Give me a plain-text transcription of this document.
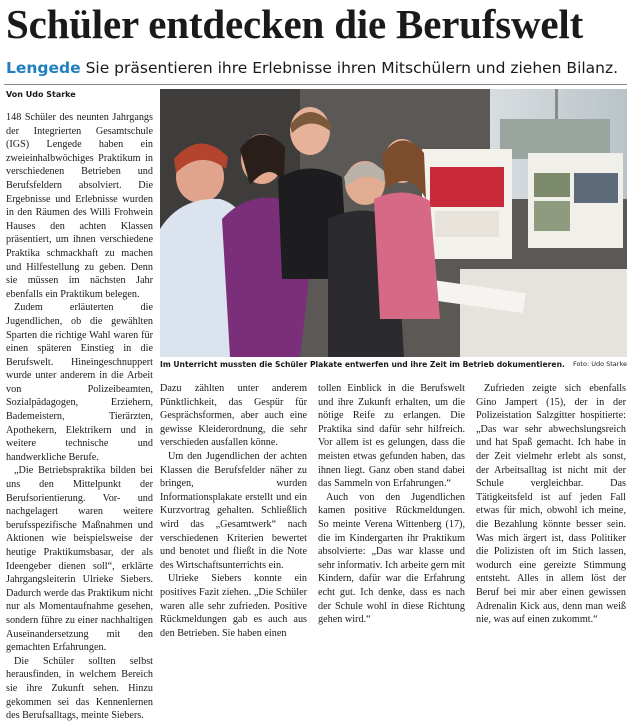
Schüler entdecken die Berufswelt
Lengede Sie präsentieren ihre Erlebnisse ihren Mitschülern und ziehen Bilanz.
Von Udo Starke

148 Schüler des neunten Jahrgangs der Integrierten Gesamtschule (IGS) Lengede haben ein zweieinhalbwöchiges Praktikum in verschiedenen Betrieben und Berufsfeldern absolviert. Die Ergebnisse und Erlebnisse wurden in den Räumen des Willi Frohwein Hauses den achten Klassen präsentiert, um ihnen verschiedene Praktika schmackhaft zu machen und Hilfestellung zu geben. Denn sie müssen im nächsten Jahr ebenfalls ein Praktikum belegen.

Zudem erläuterten die Jugendlichen, ob die gewählten Sparten die richtige Wahl waren für einen späteren Einstieg in die Berufswelt. Hineingeschnuppert wurde unter anderem in die Arbeit von Polizeibeamten, Sozialpädagogen, Erziehern, Bademeistern, Tierärzten, Apothekern, Elektrikern und in weitere technische und handwerkliche Berufe.

„Die Betriebspraktika bilden bei uns den Mittelpunkt der Berufsorientierung. Vor- und nachgelagert waren weitere berufsspezifische Maßnahmen und Aktionen wie beispielsweise der heutige Praktikumsbasar, der als Ideengeber dienen soll“, erklärte Jahrgangsleiterin Ulrieke Siebers. Dadurch werde das Praktikum nicht nur als Momentaufnahme gesehen, sondern führe zu einer nachhaltigen Auseinandersetzung mit den gemachten Erfahrungen.

Die Schüler sollten selbst herausfinden, in welchem Bereich sie ihre Zukunft sehen. Hinzu gekommen sei das Kennenlernen des Berufsalltags, meinte Siebers.

Im Unterricht mussten die Schüler Plakate entwerfen und ihre Zeit im Betrieb dokumentieren.	Foto: Udo Starke

Dazu zählten unter anderem Pünktlichkeit, das Gespür für Gesprächsformen, aber auch eine gewisse Kleiderordnung, die sehr verschieden ausfallen könne.

Um den Jugendlichen der achten Klassen die Berufsfelder näher zu bringen, wurden Informationsplakate erstellt und ein Kurzvortrag gehalten. Schließlich wird das „Gesamtwerk“ nach verschiedenen Kriterien bewertet und benotet und fließt in die Note des Wirtschaftsunterrichts ein.

Ulrieke Siebers konnte ein positives Fazit ziehen. „Die Schüler waren alle sehr zufrieden. Positive Rückmeldungen gab es auch aus den Betrieben. Sie haben einen

tollen Einblick in die Berufswelt und ihre Zukunft erhalten, um die nötige Reife zu erlangen. Die Praktika sind dafür sehr hilfreich. Vor allem ist es gelungen, dass die meisten etwas gefunden haben, das ihnen liegt. Ganz oben stand dabei das Sammeln von Erfahrungen.“

Auch von den Jugendlichen kamen positive Rückmeldungen. So meinte Verena Wittenberg (17), die im Kindergarten ihr Praktikum absolvierte: „Das war klasse und sehr informativ. Ich arbeite gern mit Kindern, dafür war die Erfahrung echt gut. Ich denke, dass es nach der Schule wohl in diese Richtung gehen wird.“

Zufrieden zeigte sich ebenfalls Gino Jampert (15), der in der Polizeistation Salzgitter hospitierte: „Das war sehr abwechslungsreich und hat Spaß gemacht. Ich habe in der Zeit vielmehr erlebt als sonst, der Arbeitsalltag ist nicht mit der Schule vergleichbar. Das Tätigkeitsfeld ist auf jeden Fall etwas für mich, obwohl ich meine, die Bezahlung könnte besser sein. Was mich ärgert ist, dass Politiker die Polizisten oft im Stich lassen, wodurch eine gereizte Stimmung entsteht. Alles in allem löst der Beruf bei mir aber einen gewissen Adrenalin Kick aus, denn man weiß nie, was auf einen zukommt.“
